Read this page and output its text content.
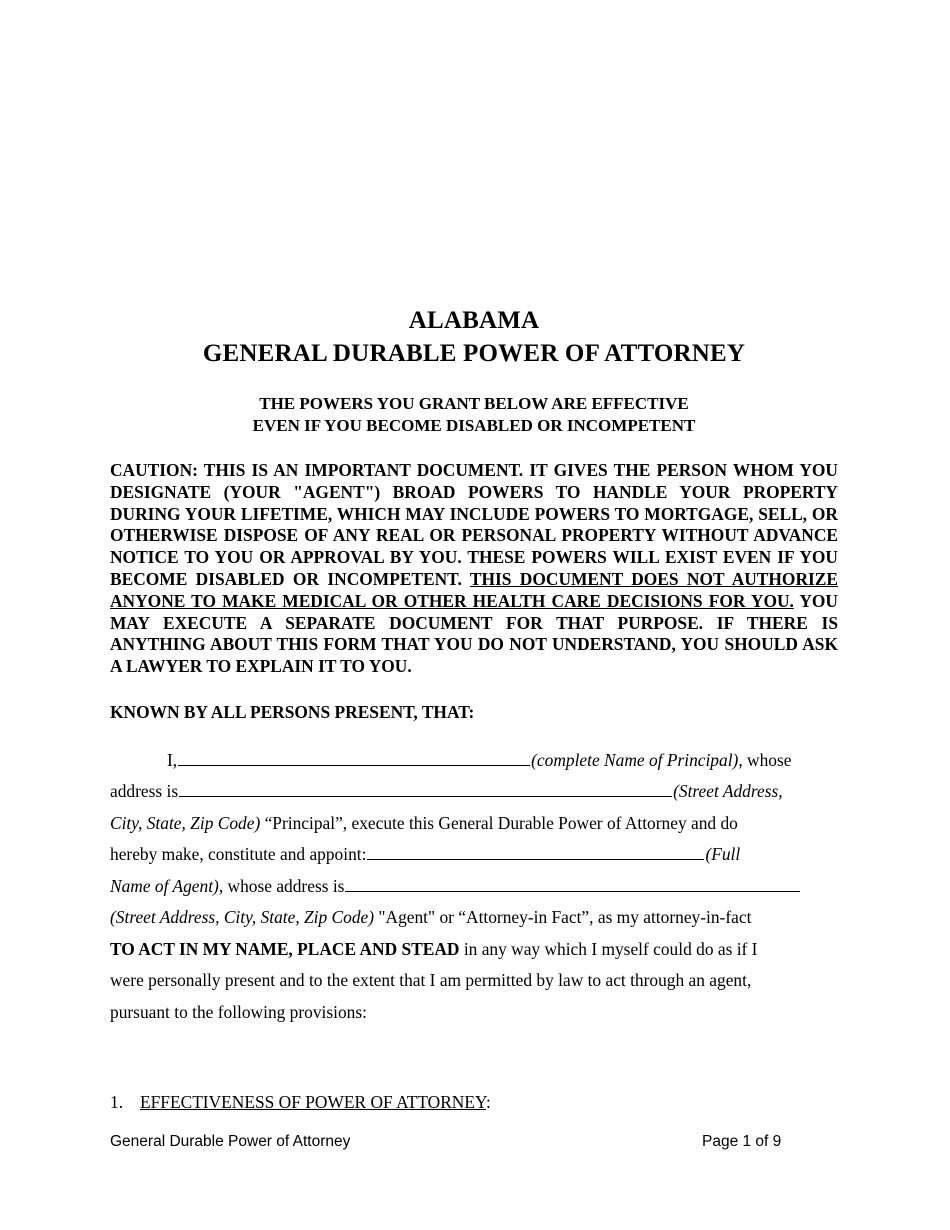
ALABAMA
GENERAL DURABLE POWER OF ATTORNEY
THE POWERS YOU GRANT BELOW ARE EFFECTIVE
EVEN IF YOU BECOME DISABLED OR INCOMPETENT

CAUTION: THIS IS AN IMPORTANT DOCUMENT. IT GIVES THE PERSON WHOM YOU DESIGNATE (YOUR "AGENT") BROAD POWERS TO HANDLE YOUR PROPERTY DURING YOUR LIFETIME, WHICH MAY INCLUDE POWERS TO MORTGAGE, SELL, OR OTHERWISE DISPOSE OF ANY REAL OR PERSONAL PROPERTY WITHOUT ADVANCE NOTICE TO YOU OR APPROVAL BY YOU. THESE POWERS WILL EXIST EVEN IF YOU BECOME DISABLED OR INCOMPETENT. THIS DOCUMENT DOES NOT AUTHORIZE ANYONE TO MAKE MEDICAL OR OTHER HEALTH CARE DECISIONS FOR YOU. YOU MAY EXECUTE A SEPARATE DOCUMENT FOR THAT PURPOSE. IF THERE IS ANYTHING ABOUT THIS FORM THAT YOU DO NOT UNDERSTAND, YOU SHOULD ASK A LAWYER TO EXPLAIN IT TO YOU.

KNOWN BY ALL PERSONS PRESENT, THAT:

I,	(complete Name of Principal), whose
address is	(Street Address,
City, State, Zip Code) “Principal”, execute this General Durable Power of Attorney and do
hereby make, constitute and appoint:	(Full
Name of Agent), whose address is
(Street Address, City, State, Zip Code) "Agent" or “Attorney-in Fact”, as my attorney-in-fact
TO ACT IN MY NAME, PLACE AND STEAD in any way which I myself could do as if I
were personally present and to the extent that I am permitted by law to act through an agent,
pursuant to the following provisions:
1. EFFECTIVENESS OF POWER OF ATTORNEY:
General Durable Power of Attorney	Page 1 of 9
